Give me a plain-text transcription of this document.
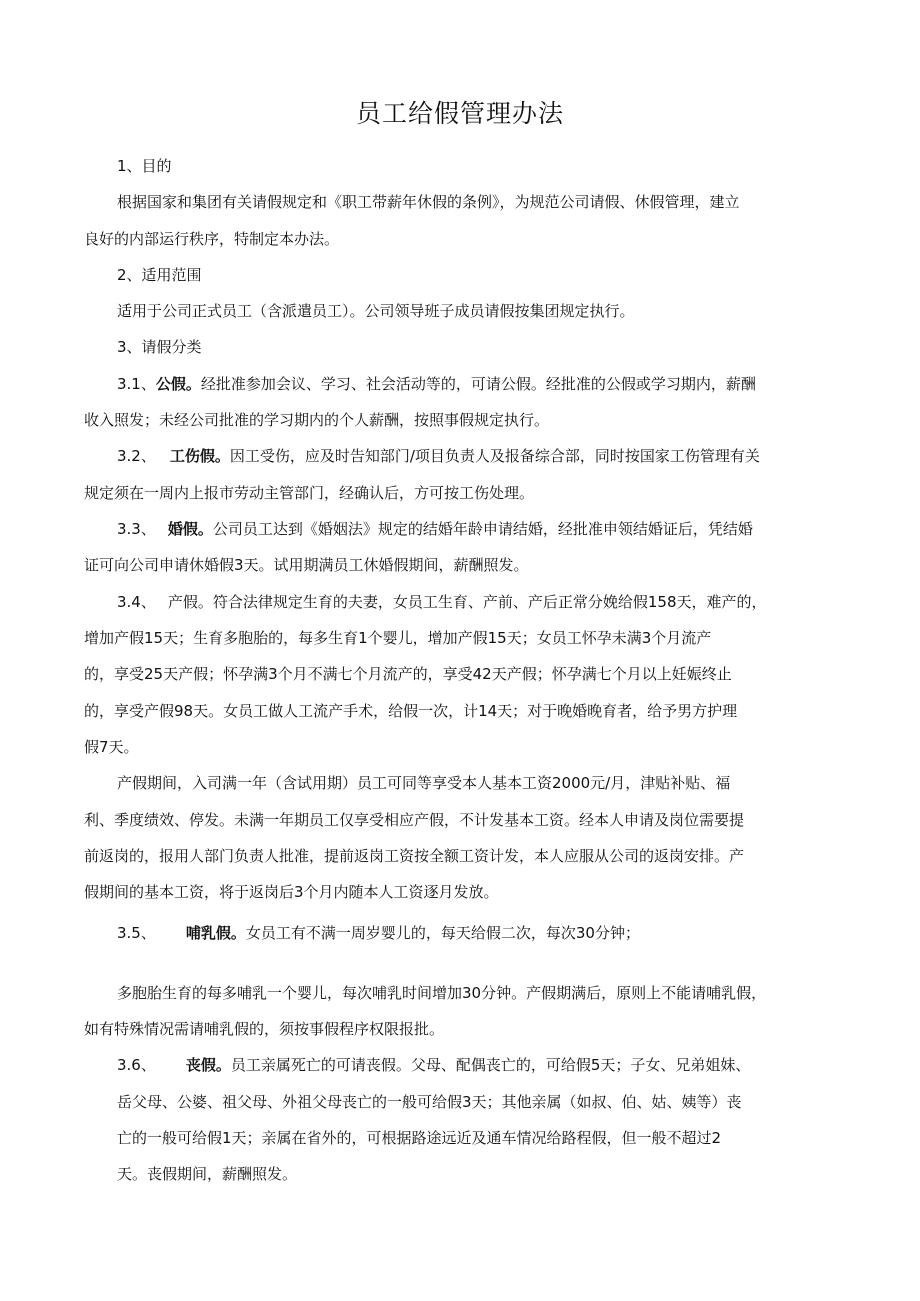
员工给假管理办法

1、目的

根据国家和集团有关请假规定和《职工带薪年休假的条例》，为规范公司请假、休假管理，建立

良好的内部运行秩序，特制定本办法。

2、适用范围

适用于公司正式员工（含派遣员工）。公司领导班子成员请假按集团规定执行。

3、请假分类

3.1、公假。经批准参加会议、学习、社会活动等的，可请公假。经批准的公假或学习期内，薪酬

收入照发；未经公司批准的学习期内的个人薪酬，按照事假规定执行。

3.2、 工伤假。因工受伤，应及时告知部门/项目负责人及报备综合部，同时按国家工伤管理有关

规定须在一周内上报市劳动主管部门，经确认后，方可按工伤处理。

3.3、 婚假。公司员工达到《婚姻法》规定的结婚年龄申请结婚，经批准申领结婚证后，凭结婚

证可向公司申请休婚假3天。试用期满员工休婚假期间，薪酬照发。

3.4、 产假。符合法律规定生育的夫妻，女员工生育、产前、产后正常分娩给假158天，难产的，

增加产假15天；生育多胞胎的，每多生育1个婴儿，增加产假15天；女员工怀孕未满3个月流产

的，享受25天产假；怀孕满3个月不满七个月流产的，享受42天产假；怀孕满七个月以上妊娠终止

的，享受产假98天。女员工做人工流产手术，给假一次，计14天；对于晚婚晚育者，给予男方护理

假7天。

产假期间，入司满一年（含试用期）员工可同等享受本人基本工资2000元/月，津贴补贴、福

利、季度绩效、停发。未满一年期员工仅享受相应产假，不计发基本工资。经本人申请及岗位需要提

前返岗的，报用人部门负责人批准，提前返岗工资按全额工资计发，本人应服从公司的返岗安排。产

假期间的基本工资，将于返岗后3个月内随本人工资逐月发放。

3.5、 哺乳假。女员工有不满一周岁婴儿的，每天给假二次，每次30分钟；

多胞胎生育的每多哺乳一个婴儿，每次哺乳时间增加30分钟。产假期满后，原则上不能请哺乳假，

如有特殊情况需请哺乳假的，须按事假程序权限报批。

3.6、 丧假。员工亲属死亡的可请丧假。父母、配偶丧亡的，可给假5天；子女、兄弟姐妹、

岳父母、公婆、祖父母、外祖父母丧亡的一般可给假3天；其他亲属（如叔、伯、姑、姨等）丧

亡的一般可给假1天；亲属在省外的，可根据路途远近及通车情况给路程假，但一般不超过2

天。丧假期间，薪酬照发。
